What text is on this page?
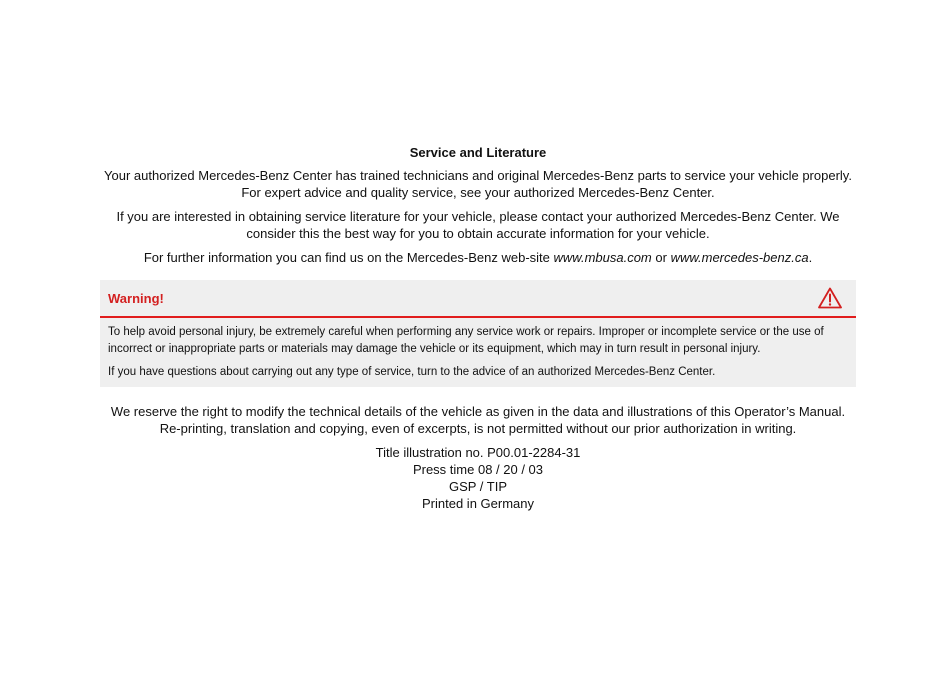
Service and Literature

Your authorized Mercedes-Benz Center has trained technicians and original Mercedes-Benz parts to service your vehicle properly. For expert advice and quality service, see your authorized Mercedes-Benz Center.

If you are interested in obtaining service literature for your vehicle, please contact your authorized Mercedes-Benz Center. We consider this the best way for you to obtain accurate information for your vehicle.

For further information you can find us on the Mercedes-Benz web-site www.mbusa.com or www.mercedes-benz.ca.

Warning!

To help avoid personal injury, be extremely careful when performing any service work or repairs. Improper or incomplete service or the use of incorrect or inappropriate parts or materials may damage the vehicle or its equipment, which may in turn result in personal injury.

If you have questions about carrying out any type of service, turn to the advice of an authorized Mercedes-Benz Center.

We reserve the right to modify the technical details of the vehicle as given in the data and illustrations of this Operator’s Manual. Re-printing, translation and copying, even of excerpts, is not permitted without our prior authorization in writing.

Title illustration no. P00.01-2284-31
Press time 08 / 20 / 03
GSP / TIP
Printed in Germany
